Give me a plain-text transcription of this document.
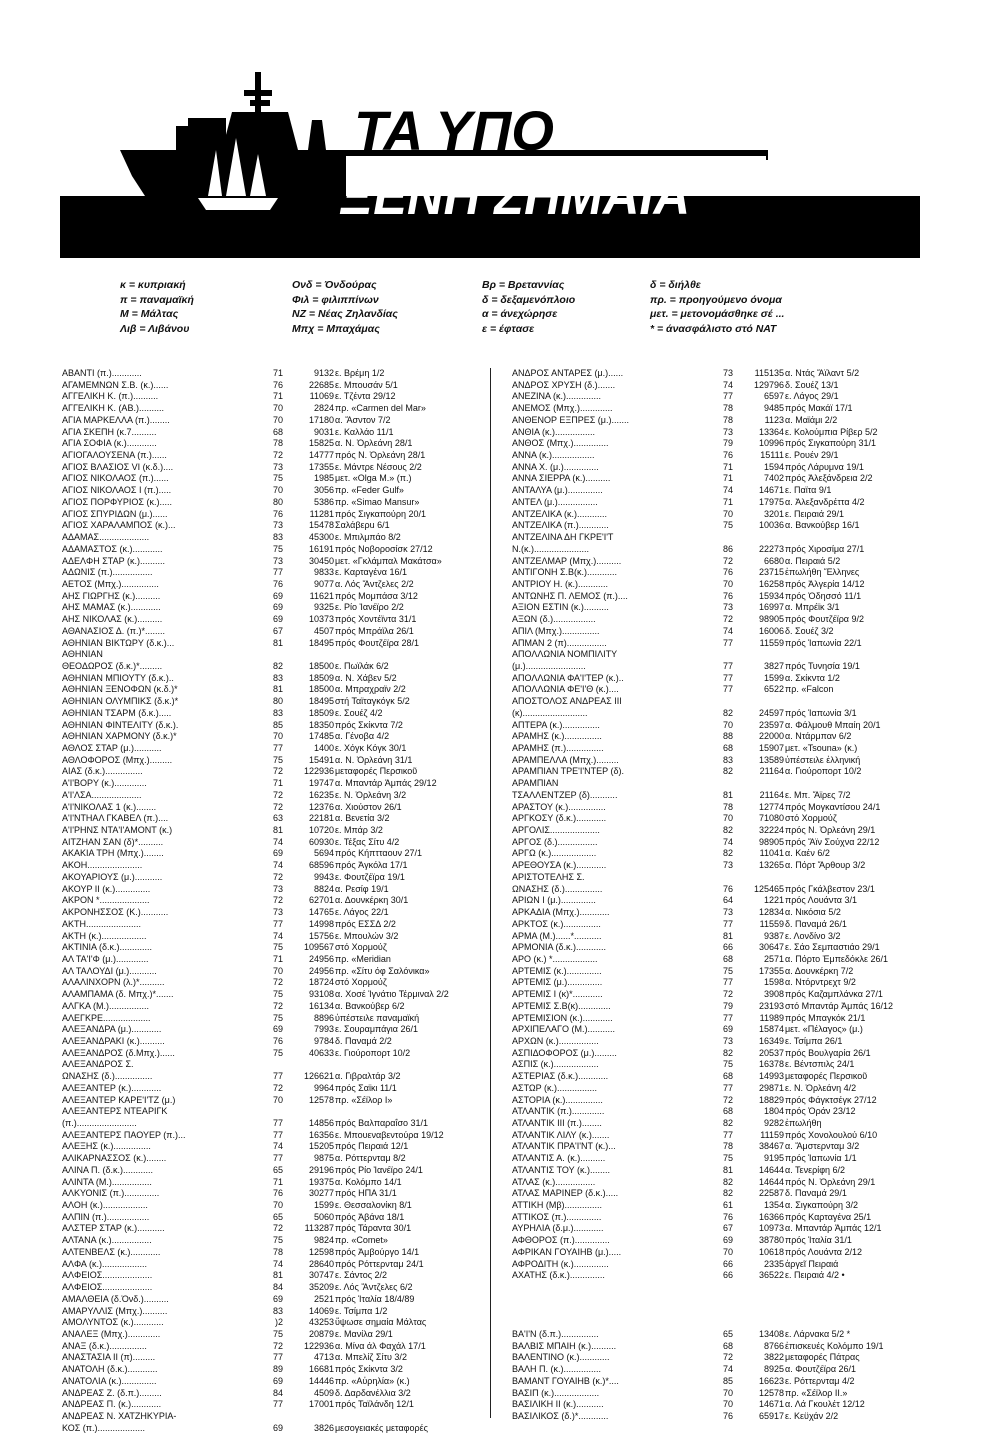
ΤΑ ΥΠΟ
ΞΕΝΗ ΣΗΜΑΙΑ
κ = κυπριακή
π = παναμαϊκή
Μ = Μάλτας
Λιβ = Λιβάνου
Ονδ = Όνδούρας
Φιλ = φιλιππίνων
ΝΖ = Νέας Ζηλανδίας
Μπχ = Μπαχάμας
Βρ = Βρεταννίας
δ = δεξαμενόπλοιο
α = άνεχώρησε
ε = έφτασε
δ = διήλθε
πρ. = προηγούμενο όνομα
μετ. = μετονομάσθηκε σέ ...
* = άνασφάλιστο στό ΝΑΤ
ΑΒΑΝΤΙ (π.)............	71	9132 ε. Βρέμη 1/2
ΑΓΑΜΕΜΝΩΝ Σ.Β. (κ.)......	76	22685 ε. Μπουσάν 5/1
ΑΓΓΕΛΙΚΗ Κ. (π.)..........	71	11069 ε. Τζέντα 29/12
ΑΓΓΕΛΙΚΗ Κ. (ΑΒ.)..........	70	2824 πρ. «Carmen del Mar»
ΑΓΙΑ ΜΑΡΚΕΛΛΑ (π.)........	70	17180 α. Ἄσντον 7/2
ΑΓΙΑ ΣΚΕΠΗ (κ.7..........	68	9031 ε. Καλλάο 11/1
ΑΓΙΑ ΣΟΦΙΑ (κ.)............	78	15825 α. Ν. Ὀρλεάνη 28/1
ΑΓΙΟΓΑΛΟΥΣΕΝΑ (π.)......	72	14777 πρός Ν. Ὀρλεάνη 28/1
ΑΓΙΟΣ ΒΛΑΣΙΟΣ VI (κ.δ.)....	73	17355 ε. Μάντρε Νέσους 2/2
ΑΓΙΟΣ ΝΙΚΟΛΑΟΣ (π.)......	75	1985 μετ. «Olga M.» (π.)
ΑΓΙΟΣ ΝΙΚΟΛΑΟΣ Ι (π.).....	70	3056 πρ. «Feder Gulf»
ΑΓΙΟΣ ΠΟΡΦΥΡΙΟΣ (κ.).....	80	5386 πρ. «Simao Mansur»
ΑΓΙΟΣ ΣΠΥΡΙΔΩΝ (μ.)......	76	11281 πρός Σιγκαπούρη 20/1
ΑΓΙΟΣ ΧΑΡΑΛΑΜΠΟΣ (κ.)...	73	15478 Σαλάβερu 6/1
ΑΔΑΜΑΣ....................	83	45300 ε. Μπιλμπάο 8/2
ΑΔΑΜΑΣΤΟΣ (κ.)............	75	16191 πρός Νοβοροσίσκ 27/12
ΑΔΕΛΦΗ ΣΤΑΡ (κ.)..........	73	30450 μετ. «Γκλάμπαλ Μακάτσα»
ΑΔΩΝΙΣ (π.)................	77	9833 ε. Καρταγένα 16/1
ΑΕΤΟΣ (Μπχ.)...............	76	9077 α. Λός Ἄντζελες 2/2
ΑΗΣ ΓΙΩΡΓΗΣ (κ.)..........	69	11621 πρός Μομπάσα 3/12
ΑΗΣ ΜΑΜΑΣ (κ.)............	69	9325 ε. Ρίο Ἰανέϊρο 2/2
ΑΗΣ ΝΙΚΟΛΑΣ (κ.)..........	69	10373 πρός Χοντέϊντα 31/1
ΑΘΑΝΑΣΙΟΣ Δ. (π.)*........	67	4507 πρός Μπράϊλα 26/1
ΑΘΗΝΙΑΝ ΒΙΚΤΩΡΥ (δ.κ.)...	81	18495 πρός Φουτζέϊρα 28/1
ΑΘΗΝΙΑΝ
ΘΕΟΔΩΡΟΣ (δ.κ.)*.........	82	18500 ε. Πωϊλάκ 6/2
ΑΘΗΝΙΑΝ ΜΠΙΟΥΤΥ (δ.κ.)..	83	18509 α. Ν. Χάβεν 5/2
ΑΘΗΝΙΑΝ ΞΕΝΟΦΩΝ (κ.δ.)*	81	18500 α. Μπραχραϊν 2/2
ΑΘΗΝΙΑΝ ΟΛΥΜΠΙΚΣ (δ.κ.)*	80	18495 στή Ταϊταγκόγκ 5/2
ΑΘΗΝΙΑΝ ΤΣΑΡΜ (δ.κ.).....	83	18509 ε. Σουέζ 4/2
ΑΘΗΝΙΑΝ ΦΙΝΤΕΛΙΤΥ (δ.κ.).	85	18350 πρός Σκίκντα 7/2
ΑΘΗΝΙΑΝ ΧΑΡΜΟΝΥ (δ.κ.)*	70	17485 α. Γένοβα 4/2
ΑΘΛΟΣ ΣΤΑΡ (μ.)...........	77	1400 ε. Χόγκ Κόγκ 30/1
ΑΘΛΟΦΟΡΟΣ (Μπχ.).........	75	15491 α. Ν. Ὀρλεάνη 31/1
ΑΙΑΣ (δ.κ.)...............	72	122936 μεταφορές Περσικοῦ
Α'Ι'ΒΟΡΥ (κ.).............	71	19747 α. Μπαντάρ Ἀμπάς 29/12
Α'Ι'ΛΣΑ....................	72	16235 ε. Ν. Ὀρλεάνη 3/2
Α'Ι'ΝΙΚΟΛΑΣ 1 (κ.)........	72	12376 α. Χιούστον 26/1
Α'Ι'ΝΤΗΑΛ ΓΚΑΒΕΛ (π.)....	63	22181 α. Βενετία 3/2
Α'Ι'ΡΗΝΣ ΝΤΑ'Ι'ΑΜΟΝΤ (κ.)	81	10720 ε. Μπάρ 3/2
ΑΙΤΖΗΑΝ ΣΑΝ (δ)*..........	74	60930 ε. Τέξας Σίτυ 4/2
ΑΚΑΚΙΑ ΤΡΗ (Μπχ.)........	69	5694 πρός Κήπτταουν 27/1
ΑΚΟΗ......................	74	68596 πρός Ἀγκόλα 17/1
ΑΚΟΥΑΡΙΟΥΣ (μ.)...........	72	9943 ε. Φουτζέϊρα 19/1
ΑΚΟΥΡ ΙΙ (κ.)..............	73	8824 α. Ρεσίφ 19/1
ΑΚΡΟΝ *....................	72	62701 α. Δουνκέρκη 30/1
ΑΚΡΟΝΗΣΣΟΣ (Κ.)...........	73	14765 ε. Λάγος 22/1
ΑΚΤΗ......................	77	14998 πρός ΕΣΣΔ 2/2
ΑΚΤΗ (κ.)..................	74	15756 ε. Μπουλών 3/2
ΑΚΤΙΝΙΑ (δ.κ.).............	75	109567 στό Χορμούζ
ΑΛ ΤΑ'Ι'Φ (μ.).............	71	24956 πρ. «Meridian
ΑΛ ΤΑΛΟΥΔΙ (μ.)...........	70	24956 πρ. «Σίτυ όφ Σαλόνικα»
ΑΛΑΛΙΝΧΟΡΝ (λ.)*..........	72	18724 στό Χορμούζ
ΑΛΑΜΠΑΜΑ (δ. Μπχ.)*.......	75	93108 α. Χοσέ Ἰγνάτιο Τέρμιναλ 2/2
ΑΛΓΚΑ (Μ.)................	72	16134 α. Βανκούβερ 6/2
ΑΛΕΓΚΡΕ...................	75	8896 ὑπέστειλε παναμαϊκή
ΑΛΕΞΑΝΔΡΑ (μ.)............	69	7993 ε. Σουραμπάγια 26/1
ΑΛΕΞΑΝΔΡΑΚΙ (κ.)..........	76	9784 δ. Παναμά 2/2
ΑΛΕΞΑΝΔΡΟΣ (δ.Μπχ.)......	75	40633 ε. Γιούροπορτ 10/2
ΑΛΕΞΑΝΔΡΟΣ Σ.
ΩΝΑΣΗΣ (δ.)...............	77	126621 α. Γιβραλτάρ 3/2
ΑΛΕΞΑΝΤΕΡ (κ.)............	72	9964 πρός Σαϊκι 11/1
ΑΛΕΞΑΝΤΕΡ ΚΑΡΕ'Ι'ΤΖ (μ.)	70	12578 πρ. «Σέϊλορ Ι»
ΑΛΕΞΑΝΤΕΡΣ ΝΤΕΑΡΙΓΚ
(π.)........................	77	14856 πρός Βαλπαραΐσο 31/1
ΑΛΕΞΑΝΤΕΡΣ ΠΑΟΥΕΡ (π.)...	77	16356 ε. Μπουεναβεντούρα 19/12
ΑΛΕΞΗΣ (κ.)...............	74	15205 πρός Πειραιά 12/1
ΑΛΙΚΑΡΝΑΣΣΟΣ (κ.)........	77	9875 α. Ρόττερνταμ 8/2
ΑΛΙΝΑ Π. (δ.κ.)............	65	29196 πρός Ρίο Ἰανέϊρο 24/1
ΑΛΙΝΤΑ (Μ.)................	71	19375 α. Κολόμπο 14/1
ΑΛΚΥΟΝΙΣ (π.)..............	76	30277 πρός ΗΠΑ 31/1
ΑΛΟΗ (κ.)..................	70	1599 ε. Θεσσαλονίκη 8/1
ΑΛΠΙΝ (π.).................	65	5060 πρός Ἀβάνα 18/1
ΑΛΣΤΕΡ ΣΤΑΡ (κ.)...........	72	113287 πρός Τάραντα 30/1
ΑΛΤΑΝΑ (κ.)................	75	9824 πρ. «Comet»
ΑΛΤΕΝΒΕΛΣ (κ.)............	78	12598 πρός Ἀμβούργο 14/1
ΑΛΦΑ (κ.)..................	74	28640 πρός Ρόττερνταμ 24/1
ΑΛΦΕΙΟΣ....................	81	30747 ε. Σάντος 2/2
ΑΛΦΕΙΟΣ....................	84	35209 ε. Λός Ἄντζελες 6/2
ΑΜΑΛΘΕΙΑ (δ.Ὀνδ.)..........	69	2521 πρός Ἰταλία 18/4/89
ΑΜΑΡΥΛΛΙΣ (Μπχ.)..........	83	14069 ε. Τσίμπα 1/2
ΑΜΟΛΥΝΤΟΣ (κ.)............	)2	43253 ὕψωσε σημαία Μάλτας
ΑΝΑΛΕΞ (Μπχ.).............	75	20879 ε. Μανίλα 29/1
ΑΝΑΞ (δ.κ.)...............	72	122936 α. Μίνα άλ Φαχάλ 17/1
ΑΝΑΣΤΑΣΙΑ ΙΙ (π).........	77	4713 α. Μπελίζ Σίτυ 3/2
ΑΝΑΤΟΛΗ (δ.κ.)............	89	16681 πρός Σκίκντα 3/2
ΑΝΑΤΟΛΙΑ (κ.)..............	69	14446 πρ. «Αὐρηλία» (κ.)
ΑΝΔΡΕΑΣ Ζ. (δ.π.).........	84	4509 δ. Δαρδανέλλια 3/2
ΑΝΔΡΕΑΣ Π. (κ.)............	77	17001 πρός Ταϊλάνδη 12/1
ΑΝΔΡΕΑΣ Ν. ΧΑΤΖΗΚΥΡΙΑ-
ΚΟΣ (π.)...................	69	3826 μεσογειακές μεταφορές
ΑΝΔΡΟΣ ΑΝΤΑΡΕΣ (μ.)......	73	115135 α. Ντάς Ἄϊλαντ 5/2
ΑΝΔΡΟΣ ΧΡΥΣΗ (δ.).......	74	129796 δ. Σουέζ 13/1
ΑΝΕΖΙΝΑ (κ.)..............	77	6597 ε. Λάγος 29/1
ΑΝΕΜΟΣ (Μπχ.).............	78	9485 πρός Μακάϊ 17/1
ΑΝΘΕΝΟΡ ΕΞΠΡΕΣ (μ.).......	78	1123 α. Μαϊάμι 2/2
ΑΝΘΙΑ (κ.)................	73	13364 ε. Κολούμπια Ρίβερ 5/2
ΑΝΘΟΣ (Μπχ.)..............	79	10996 πρός Σιγκαπούρη 31/1
ΑΝΝΑ (κ.).................	76	15111 ε. Ρουέν 29/1
ΑΝΝΑ Χ. (μ.)..............	71	1594 πρός Λάρυμνα 19/1
ΑΝΝΑ ΣΙΕΡΡΑ (κ.)..........	71	7402 πρός Ἀλεξάνδρεια 2/2
ΑΝΤΑΛΥΑ (μ.)..............	74	14671 ε. Παϊτα 9/1
ΑΝΤΕΛ (μ.)................	71	17975 α. Ἀλεξανδρέττα 4/2
ΑΝΤΖΕΛΙΚΑ (κ.)............	70	3201 ε. Πειραιά 29/1
ΑΝΤΖΕΛΙΚΑ (π.)............	75	10036 α. Βανκούβερ 16/1
ΑΝΤΖΕΛΙΝΑ ΔΗ ΓΚΡΕ'Ι'Τ
Ν.(κ.)......................	86	22273 πρός Χιροσίμα 27/1
ΑΝΤΖΕΛΜΑΡ (Μπχ.)..........	72	6680 α. Πειραιά 5/2
ΑΝΤΙΓΟΝΗ Σ.Β(κ.)............	76	23715 ἐπωλήθη Ἕλληνες
ΑΝΤΡΙΟΥ Η. (κ.)............	70	16258 πρός Ἀλγερία 14/12
ΑΝΤΩΝΗΣ Π. ΛΕΜΟΣ (π.)....	76	15934 πρός Ὀδησσό 11/1
ΑΞΙΟΝ ΕΣΤΙΝ (κ.)..........	73	16997 α. Μπρέϊκ 3/1
ΑΞΩΝ (δ.).................	72	98905 πρός Φουτζέϊρα 9/2
ΑΠΙΛ (Μπχ.)...............	74	16006 δ. Σουέζ 3/2
ΑΠΜΑΝ 2 (π)................	77	11559 πρός Ἰαπωνία 22/1
ΑΠΟΛΛΩΝΙΑ ΝΟΜΠΙΛΙΤΥ
(μ.)........................	77	3827 πρός Τυνησία 19/1
ΑΠΟΛΛΩΝΙΑ ΦΑ'Ι'ΤΕΡ (κ.)..	77	1599 α. Σκίκντα 1/2
ΑΠΟΛΛΩΝΙΑ ΦΕ'Ι'Θ (κ.)....	77	6522 πρ. «Falcon
ΑΠΟΣΤΟΛΟΣ ΑΝΔΡΕΑΣ ΙΙΙ
(κ)..........................	82	24597 πρός Ἰαπωνία 3/1
ΑΠΤΕΡΑ (κ.)...............	70	23597 α. Φάλμουθ Μπαίη 20/1
ΑΡΑΜΗΣ (κ.)...............	88	22000 α. Ντάρμπαν 6/2
ΑΡΑΜΗΣ (π.)...............	68	15907 μετ. «Tsouna» (κ.)
ΑΡΑΜΠΕΛΛΑ (Μπχ.).........	83	13589 ὑπέστειλε ἑλληνική
ΑΡΑΜΠΙΑΝ ΤΡΕ'Ι'ΝΤΕΡ (δ).	82	21164 α. Γιούροπορτ 10/2
ΑΡΑΜΠΙΑΝ
ΤΣΑΛΛΕΝΤΖΕΡ (δ)...........	81	21164 ε. Μπ. Ἄϊρες 7/2
ΑΡΑΣΤΟΥ (κ.)...............	78	12774 πρός Μογκαντίσου 24/1
ΑΡΓΚΟΣΥ (δ.κ.)............	70	71080 στό Χορμούζ
ΑΡΓΟΛΙΣ....................	82	32224 πρός Ν. Ὀρλεάνη 29/1
ΑΡΓΟΣ (δ.)................	74	98905 πρός Ἄϊν Σούχνα 22/12
ΑΡΓΩ (κ.)..................	82	11041 α. Καέν 6/2
ΑΡΕΘΟΥΣΑ (κ.)............	73	13265 α. Πόρτ Ἄρθουρ 3/2
ΑΡΙΣΤΟΤΕΛΗΣ Σ.
ΩΝΑΣΗΣ (δ.)...............	76	125465 πρός Γκάλβεστον 23/1
ΑΡΙΩΝ Ι (μ.)..............	64	1221 πρός Λουάντα 3/1
ΑΡΚΑΔΙΑ (Μπχ.)............	73	12834 α. Νικόσια 5/2
ΑΡΚΤΟΣ (κ.)...............	77	11559 δ. Παναμά 26/1
ΑΡΜΑ (Μ.)......*...........	81	9387 ε. Λονδίνο 3/2
ΑΡΜΟΝΙΑ (δ.κ.)............	66	30647 ε. Σάο Σεμπαστιάο 29/1
ΑΡΟ (κ.) *..................	68	2571 α. Πόρτο Ἐμπεδόκλε 26/1
ΑΡΤΕΜΙΣ (κ.)..............	75	17355 α. Δουνκέρκη 7/2
ΑΡΤΕΜΙΣ (μ.)..............	77	1598 α. Ντόρντρεχτ 9/2
ΑΡΤΕΜΙΣ Ι (κ)*............	72	3908 πρός Καζαμπλάνκα 27/1
ΑΡΤΕΜΙΣ Σ.Β(κ).............	79	23193 στό Μπαντάρ Ἀμπάς 16/12
ΑΡΤΕΜΙΣΙΟΝ (κ.)............	77	11989 πρός Μπαγκόκ 21/1
ΑΡΧΙΠΕΛΑΓΟ (Μ.)...........	69	15874 μετ. «Πέλαγος» (μ.)
ΑΡΧΩΝ (κ.)................	73	16349 ε. Τσίμπα 26/1
ΑΣΠΙΔΟΦΟΡΟΣ (μ.).........	82	20537 πρός Βουλγαρία 26/1
ΑΣΠΙΣ (κ.)..................	75	16378 ε. Βέντσπιλς 24/1
ΑΣΤΕΡΙΑΣ (δ.κ.)............	68	14993 μεταφορές Περσικοῦ
ΑΣΤΩΡ (κ.)................	77	29871 ε. Ν. Ὀρλεάνη 4/2
ΑΣΤΟΡΙΑ (κ.)...............	72	18829 πρός Φάγκτσέγκ 27/12
ΑΤΛΑΝΤΙΚ (π.).............	68	1804 πρός Ὀράν 23/12
ΑΤΛΑΝΤΙΚ ΙΙΙ (π.)........	82	9282 ἐπωλήθη
ΑΤΛΑΝΤΙΚ ΛΙΛΥ (κ.).......	77	11159 πρός Χονολουλού 6/10
ΑΤΛΑΝΤΙΚ ΠΡΑ'Ι'ΝΤ (κ.)...	78	38467 α. Ἄμστερνταμ 3/2
ΑΤΛΑΝΤΙΣ Α. (κ.)..........	75	9195 πρός Ἰαπωνία 1/1
ΑΤΛΑΝΤΙΣ ΤΟΥ (κ.)........	81	14644 α. Τενερίφη 6/2
ΑΤΛΑΣ (κ.)................	82	14644 πρός Ν. Ὀρλεάνη 29/1
ΑΤΛΑΣ ΜΑΡΙΝΕΡ (δ.κ.).....	82	22587 δ. Παναμά 29/1
ΑΤΤΙΚΗ (Μβ)...............	61	1354 α. Σιγκαπούρη 3/2
ΑΤΤΙΚΟΣ (π.)..............	76	16366 πρός Καρταγένα 25/1
ΑΥΡΗΛΙΑ (δ.μ.)............	67	10973 α. Μπαντάρ Ἀμπάς 12/1
ΑΦΘΟΡΟΣ (π.)..............	69	38780 πρός Ἰταλία 31/1
ΑΦΡΙΚΑΝ ΓΟΥΑΙΗΒ (μ.).....	70	10618 πρός Λουάντα 2/12
ΑΦΡΟΔΙΤΗ (κ.)..............	66	2335 ἀργεῖ Πειραιά
ΑΧΑΤΗΣ (δ.κ.)..............	66	36522 ε. Πειραιά 4/2 •
ΒΑ'Ι'Ν (δ.π.)...............	65	13408 ε. Λάρνακα 5/2 *
ΒΑΛΒΙΣ ΜΠΑΙΗ (κ.)..........	68	8766 ἐπισκευές Κολόμπο 19/1
ΒΑΛΕΝΤΙΝΟ (κ.)............	72	3822 μεταφορές Πάτρας
ΒΑΛΗ Π. (κ.)...............	74	8925 α. Φουτζέϊρα 26/1
ΒΑΜΑΝΤ ΓΟΥΑΙΗΒ (κ.)*....	85	16623 ε. Ρόττερνταμ 4/2
ΒΑΣΙΠ (κ.)..................	70	12578 πρ. «Σέϊλορ ΙΙ.»
ΒΑΣΙΛΙΚΗ ΙΙ (κ.)...........	70	14671 α. Λά Γκουλέτ 12/12
ΒΑΣΙΛΙΚΟΣ (δ.)*............	76	65917 ε. Κεϋχάν 2/2
